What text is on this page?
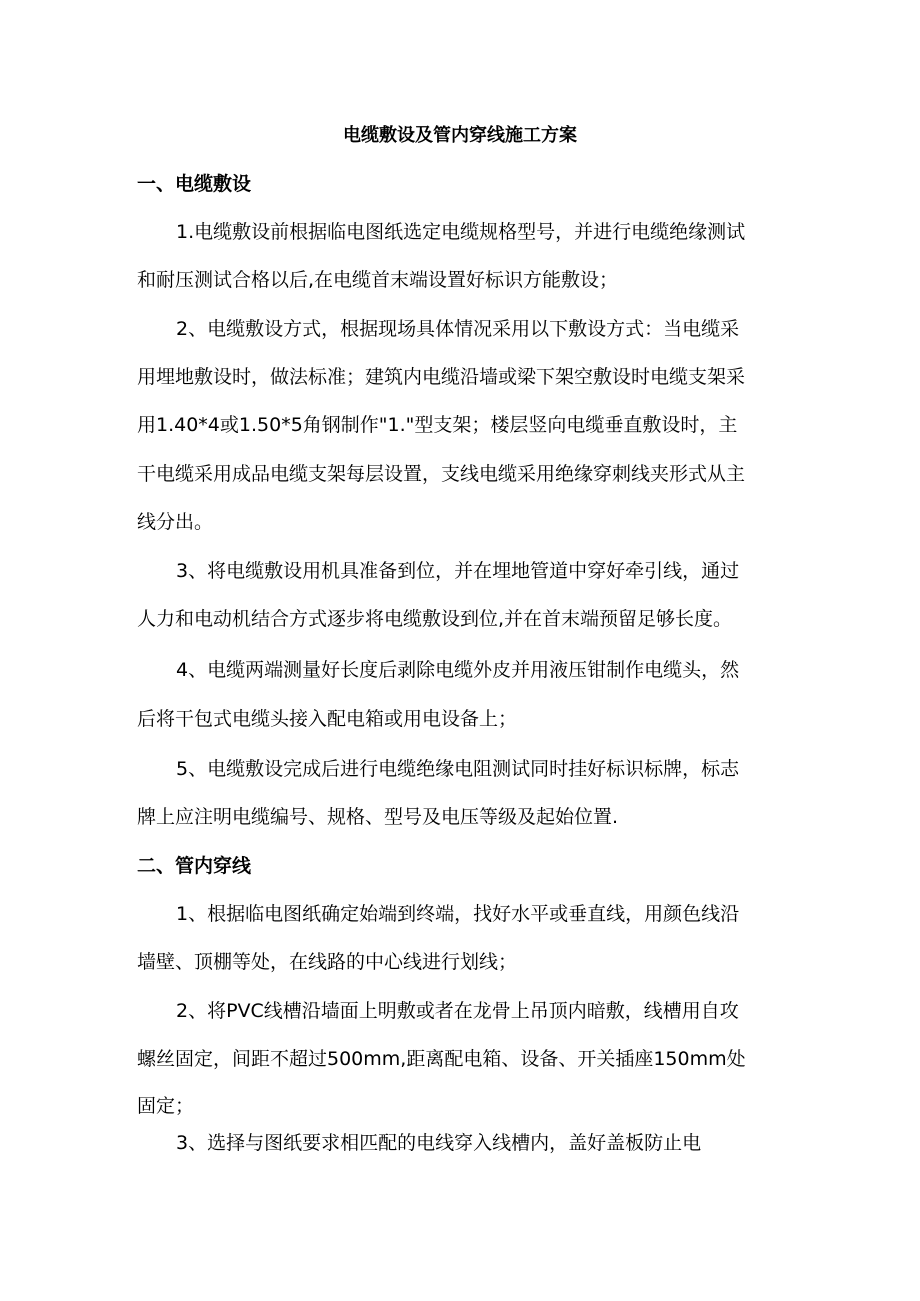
电缆敷设及管内穿线施工方案
一、电缆敷设
1.电缆敷设前根据临电图纸选定电缆规格型号，并进行电缆绝缘测试
和耐压测试合格以后,在电缆首末端设置好标识方能敷设；
2、电缆敷设方式，根据现场具体情况采用以下敷设方式：当电缆采
用埋地敷设时，做法标准；建筑内电缆沿墙或梁下架空敷设时电缆支架采
用1.40*4或1.50*5角钢制作"1."型支架；楼层竖向电缆垂直敷设时，主
干电缆采用成品电缆支架每层设置，支线电缆采用绝缘穿刺线夹形式从主
线分出。
3、将电缆敷设用机具准备到位，并在埋地管道中穿好牵引线，通过
人力和电动机结合方式逐步将电缆敷设到位,并在首末端预留足够长度。
4、电缆两端测量好长度后剥除电缆外皮并用液压钳制作电缆头，然
后将干包式电缆头接入配电箱或用电设备上；
5、电缆敷设完成后进行电缆绝缘电阻测试同时挂好标识标牌，标志
牌上应注明电缆编号、规格、型号及电压等级及起始位置.
二、管内穿线
1、根据临电图纸确定始端到终端，找好水平或垂直线，用颜色线沿
墙壁、顶棚等处，在线路的中心线进行划线；
2、将PVC线槽沿墙面上明敷或者在龙骨上吊顶内暗敷，线槽用自攻
螺丝固定，间距不超过500mm,距离配电箱、设备、开关插座150mm处
固定；
3、选择与图纸要求相匹配的电线穿入线槽内，盖好盖板防止电
